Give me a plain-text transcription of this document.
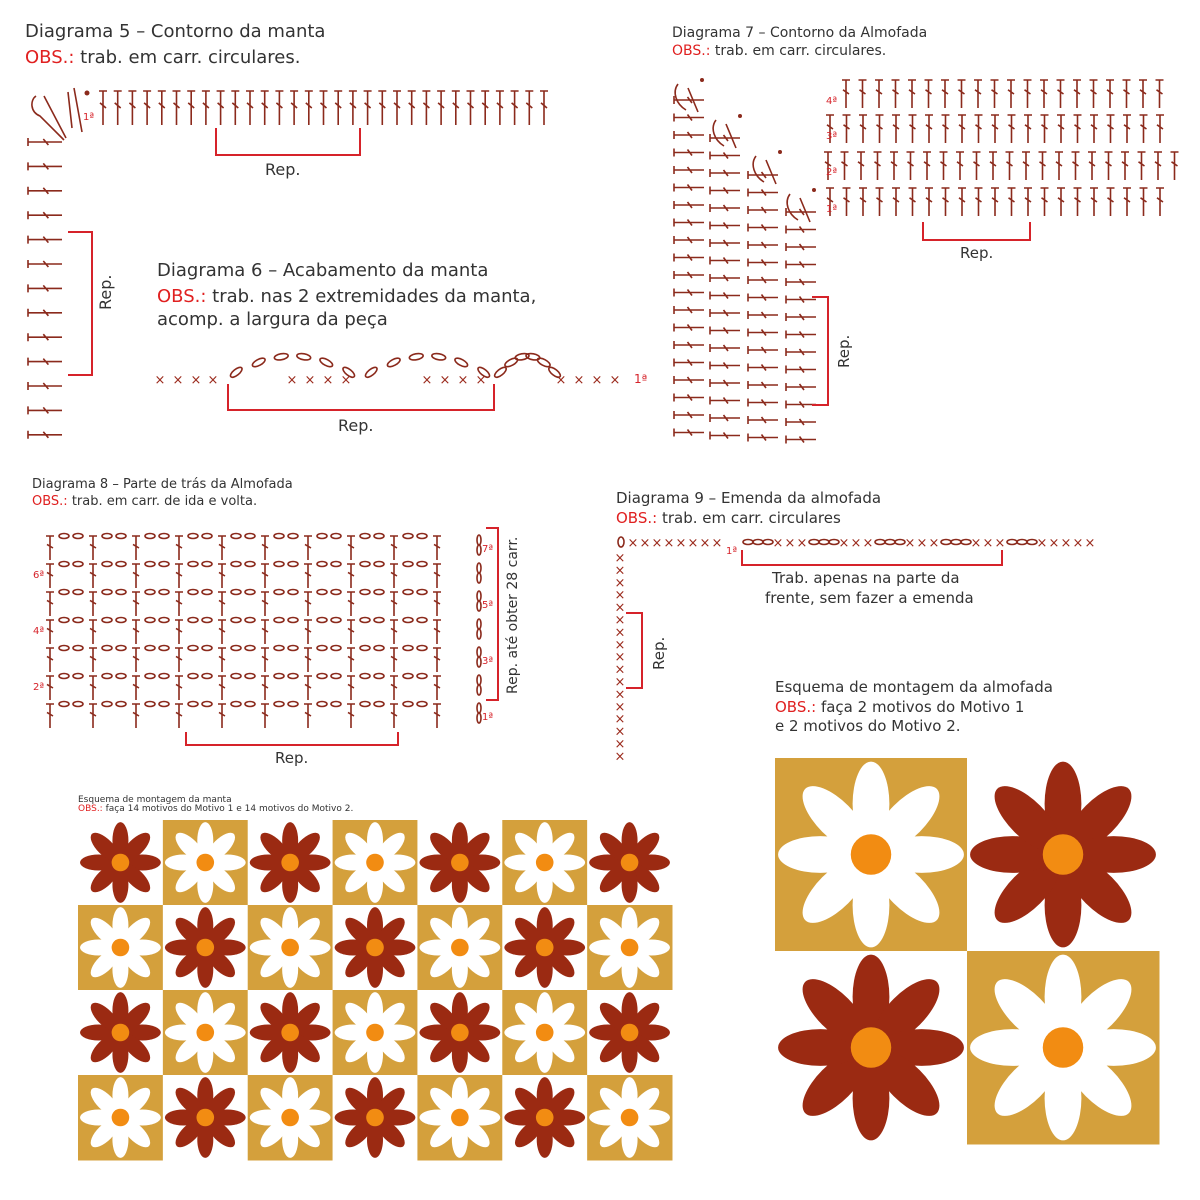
Diagrama 5 – Contorno da manta
OBS.: trab. em carr. circulares.
1ª
Rep.
Rep.
Diagrama 6 – Acabamento da manta
OBS.: trab. nas 2 extremidades da manta,
acomp. a largura da peça
× × × ×	× × × ×	× × × ×	× × × × 1ª
Rep.
Diagrama 7 – Contorno da Almofada
OBS.: trab. em carr. circulares.
4ª
3ª
2ª
1ª
Rep.
Rep.
Diagrama 8 – Parte de trás da Almofada
OBS.: trab. em carr. de ida e volta.
6ª
4ª
2ª
7ª
5ª
3ª
1ª
Rep. até obter 28 carr.
Rep.
Diagrama 9 – Emenda da almofada
OBS.: trab. em carr. circulares
× × × × × × × ×	× × × × × × × × × × × × × × × × ×
×
×
×
×
×
×
×
×
×
×
×
×
×
×
×
×
×
1ª
Trab. apenas na parte da
frente, sem fazer a emenda
Rep.
Esquema de montagem da manta
OBS.: faça 14 motivos do Motivo 1 e 14 motivos do Motivo 2.
Esquema de montagem da almofada
OBS.: faça 2 motivos do Motivo 1
e 2 motivos do Motivo 2.
